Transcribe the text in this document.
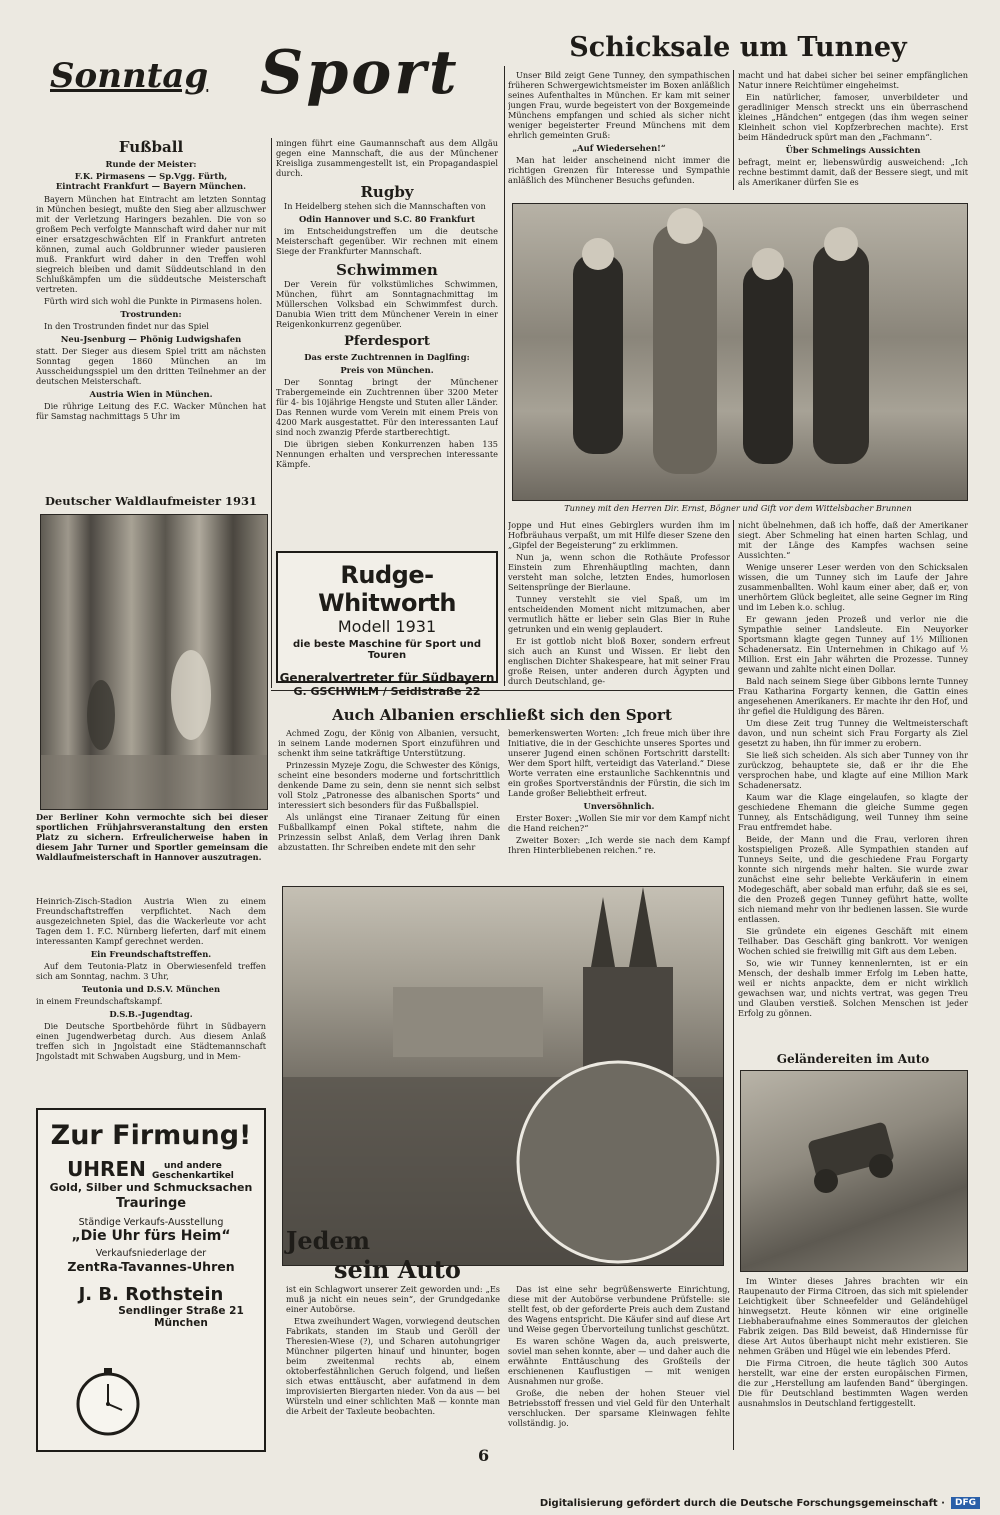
Sonntag Sport
Fußball
Runde der Meister:
F.K. Pirmasens — Sp.Vgg. Fürth,
Eintracht Frankfurt — Bayern München.

Bayern München hat Eintracht am letzten Sonntag in München besiegt, mußte den Sieg aber allzuschwer mit der Verletzung Haringers bezahlen. Die von so großem Pech verfolgte Mannschaft wird daher nur mit einer ersatzgeschwächten Elf in Frankfurt antreten können, zumal auch Goldbrunner wieder pausieren muß. Frankfurt wird daher in den Treffen wohl siegreich bleiben und damit Süddeutschland in den Schlußkämpfen um die süddeutsche Meisterschaft vertreten.

Fürth wird sich wohl die Punkte in Pirmasens holen.

Trostrunden:

In den Trostrunden findet nur das Spiel

Neu-Jsenburg — Phönig Ludwigshafen

statt. Der Sieger aus diesem Spiel tritt am nächsten Sonntag gegen 1860 München an im Ausscheidungsspiel um den dritten Teilnehmer an der deutschen Meisterschaft.

Austria Wien in München.

Die rührige Leitung des F.C. Wacker München hat für Samstag nachmittags 5 Uhr im

Deutscher Waldlaufmeister 1931

Der Berliner Kohn vermochte sich bei dieser sportlichen Frühjahrsveranstaltung den ersten Platz zu sichern. Erfreulicherweise haben in diesem Jahr Turner und Sportler gemeinsam die Waldlaufmeisterschaft in Hannover auszutragen.

Heinrich-Zisch-Stadion Austria Wien zu einem Freundschaftstreffen verpflichtet. Nach dem ausgezeichneten Spiel, das die Wackerleute vor acht Tagen dem 1. F.C. Nürnberg lieferten, darf mit einem interessanten Kampf gerechnet werden.

Ein Freundschaftstreffen.

Auf dem Teutonia-Platz in Oberwiesenfeld treffen sich am Sonntag, nachm. 3 Uhr,

Teutonia und D.S.V. München

in einem Freundschaftskampf.

D.S.B.-Jugendtag.

Die Deutsche Sportbehörde führt in Südbayern einen Jugendwerbetag durch. Aus diesem Anlaß treffen sich in Jngolstadt eine Städtemannschaft Jngolstadt mit Schwaben Augsburg, und in Mem-

Zur Firmung!
UHREN und andere Geschenkartikel
Gold, Silber und Schmucksachen
Trauringe
Ständige Verkaufs-Ausstellung
„Die Uhr fürs Heim“
Verkaufsniederlage der
ZentRa-Tavannes-Uhren
J. B. Rothstein
Sendlinger Straße 21
München

mingen führt eine Gaumannschaft aus dem Allgäu gegen eine Mannschaft, die aus der Münchener Kreisliga zusammengestellt ist, ein Propagandaspiel durch.

Rugby

In Heidelberg stehen sich die Mannschaften von

Odin Hannover und S.C. 80 Frankfurt

im Entscheidungstreffen um die deutsche Meisterschaft gegenüber. Wir rechnen mit einem Siege der Frankfurter Mannschaft.

Schwimmen

Der Verein für volkstümliches Schwimmen, München, führt am Sonntagnachmittag im Müllerschen Volksbad ein Schwimmfest durch. Danubia Wien tritt dem Münchener Verein in einer Reigenkonkurrenz gegenüber.

Pferdesport
Das erste Zuchtrennen in Daglfing:
Preis von München.

Der Sonntag bringt der Münchener Trabergemeinde ein Zuchtrennen über 3200 Meter für 4- bis 10jährige Hengste und Stuten aller Länder. Das Rennen wurde vom Verein mit einem Preis von 4200 Mark ausgestattet. Für den interessanten Lauf sind noch zwanzig Pferde startberechtigt.

Die übrigen sieben Konkurrenzen haben 135 Nennungen erhalten und versprechen interessante Kämpfe.

Rudge-Whitworth
Modell 1931
die beste Maschine für Sport und Touren
Generalvertreter für Südbayern
G. GSCHWILM / Seidlstraße 22
Schicksale um Tunney

Unser Bild zeigt Gene Tunney, den sympathischen früheren Schwergewichtsmeister im Boxen anläßlich seines Aufenthaltes in München. Er kam mit seiner jungen Frau, wurde begeistert von der Boxgemeinde Münchens empfangen und schied als sicher nicht weniger begeisterter Freund Münchens mit dem ehrlich gemeinten Gruß:

„Auf Wiedersehen!“

Man hat leider anscheinend nicht immer die richtigen Grenzen für Interesse und Sympathie anläßlich des Münchener Besuchs gefunden.

macht und hat dabei sicher bei seiner empfänglichen Natur innere Reichtümer eingeheimst.

Ein natürlicher, famoser, unverbildeter und geradliniger Mensch streckt uns ein überraschend kleines „Händchen“ entgegen (das ihm wegen seiner Kleinheit schon viel Kopfzerbrechen machte). Erst beim Händedruck spürt man den „Fachmann“.

Über Schmelings Aussichten

befragt, meint er, liebenswürdig ausweichend: „Ich rechne bestimmt damit, daß der Bessere siegt, und mit als Amerikaner dürfen Sie es

Tunney mit den Herren Dir. Ernst, Bögner und Gift vor dem Wittelsbacher Brunnen

Joppe und Hut eines Gebirglers wurden ihm im Hofbräuhaus verpaßt, um mit Hilfe dieser Szene den „Gipfel der Begeisterung“ zu erklimmen.

Nun ja, wenn schon die Rothäute Professor Einstein zum Ehrenhäuptling machten, dann versteht man solche, letzten Endes, humorlosen Seitensprünge der Bierlaune.

Tunney verstehlt sie viel Spaß, um im entscheidenden Moment nicht mitzumachen, aber vermutlich hätte er lieber sein Glas Bier in Ruhe getrunken und ein wenig geplaudert.

Er ist gottlob nicht bloß Boxer, sondern erfreut sich auch an Kunst und Wissen. Er liebt den englischen Dichter Shakespeare, hat mit seiner Frau große Reisen, unter anderen durch Ägypten und durch Deutschland, ge-

nicht übelnehmen, daß ich hoffe, daß der Amerikaner siegt. Aber Schmeling hat einen harten Schlag, und mit der Länge des Kampfes wachsen seine Aussichten.“

Wenige unserer Leser werden von den Schicksalen wissen, die um Tunney sich im Laufe der Jahre zusammenballten. Wohl kaum einer aber, daß er, von unerhörtem Glück begleitet, alle seine Gegner im Ring und im Leben k.o. schlug.

Er gewann jeden Prozeß und verlor nie die Sympathie seiner Landsleute. Ein Neuyorker Sportsmann klagte gegen Tunney auf 1½ Millionen Schadenersatz. Ein Unternehmen in Chikago auf ½ Million. Erst ein Jahr währten die Prozesse. Tunney gewann und zahlte nicht einen Dollar.

Bald nach seinem Siege über Gibbons lernte Tunney Frau Katharina Forgarty kennen, die Gattin eines angesehenen Amerikaners. Er machte ihr den Hof, und ihr gefiel die Huldigung des Bären.

Um diese Zeit trug Tunney die Weltmeisterschaft davon, und nun scheint sich Frau Forgarty als Ziel gesetzt zu haben, ihn für immer zu erobern.

Sie ließ sich scheiden. Als sich aber Tunney von ihr zurückzog, behauptete sie, daß er ihr die Ehe versprochen habe, und klagte auf eine Million Mark Schadenersatz.

Kaum war die Klage eingelaufen, so klagte der geschiedene Ehemann die gleiche Summe gegen Tunney, als Entschädigung, weil Tunney ihm seine Frau entfremdet habe.

Beide, der Mann und die Frau, verloren ihren kostspieligen Prozeß. Alle Sympathien standen auf Tunneys Seite, und die geschiedene Frau Forgarty konnte sich nirgends mehr halten. Sie wurde zwar zunächst eine sehr beliebte Verkäuferin in einem Modegeschäft, aber sobald man erfuhr, daß sie es sei, die den Prozeß gegen Tunney geführt hatte, wollte sich niemand mehr von ihr bedienen lassen. Sie wurde entlassen.

Sie gründete ein eigenes Geschäft mit einem Teilhaber. Das Geschäft ging bankrott. Vor wenigen Wochen schied sie freiwillig mit Gift aus dem Leben.

So, wie wir Tunney kennenlernten, ist er ein Mensch, der deshalb immer Erfolg im Leben hatte, weil er nichts anpackte, dem er nicht wirklich gewachsen war, und nichts vertrat, was gegen Treu und Glauben verstieß. Solchen Menschen ist jeder Erfolg zu gönnen.

Auch Albanien erschließt sich den Sport

Achmed Zogu, der König von Albanien, versucht, in seinem Lande modernen Sport einzuführen und schenkt ihm seine tatkräftige Unterstützung.

Prinzessin Myzeje Zogu, die Schwester des Königs, scheint eine besonders moderne und fortschrittlich denkende Dame zu sein, denn sie nennt sich selbst voll Stolz „Patronesse des albanischen Sports“ und interessiert sich besonders für das Fußballspiel.

Als unlängst eine Tiranaer Zeitung für einen Fußballkampf einen Pokal stiftete, nahm die Prinzessin selbst Anlaß, dem Verlag ihren Dank abzustatten. Ihr Schreiben endete mit den sehr

bemerkenswerten Worten: „Ich freue mich über ihre Initiative, die in der Geschichte unseres Sportes und unserer Jugend einen schönen Fortschritt darstellt: Wer dem Sport hilft, verteidigt das Vaterland.“ Diese Worte verraten eine erstaunliche Sachkenntnis und ein großes Sportverständnis der Fürstin, die sich im Lande großer Beliebtheit erfreut.

Unversöhnlich.

Erster Boxer: „Wollen Sie mir vor dem Kampf nicht die Hand reichen?“

Zweiter Boxer: „Ich werde sie nach dem Kampf Ihren Hinterbliebenen reichen.“ re.

Jedem
sein Auto

ist ein Schlagwort unserer Zeit geworden und: „Es muß ja nicht ein neues sein“, der Grundgedanke einer Autobörse.

Etwa zweihundert Wagen, vorwiegend deutschen Fabrikats, standen im Staub und Geröll der Theresien-Wiese (?), und Scharen autohungriger Münchner pilgerten hinauf und hinunter, bogen beim zweitenmal rechts ab, einem oktoberfestähnlichen Geruch folgend, und ließen sich etwas enttäuscht, aber aufatmend in dem improvisierten Biergarten nieder. Von da aus — bei Würsteln und einer schlichten Maß — konnte man die Arbeit der Taxleute beobachten.

Das ist eine sehr begrüßenswerte Einrichtung, diese mit der Autobörse verbundene Prüfstelle: sie stellt fest, ob der geforderte Preis auch dem Zustand des Wagens entspricht. Die Käufer sind auf diese Art und Weise gegen Übervorteilung tunlichst geschützt.

Es waren schöne Wagen da, auch preiswerte, soviel man sehen konnte, aber — und daher auch die erwähnte Enttäuschung des Großteils der erschienenen Kauflustigen — mit wenigen Ausnahmen nur große.

Große, die neben der hohen Steuer viel Betriebsstoff fressen und viel Geld für den Unterhalt verschlucken. Der sparsame Kleinwagen fehlte vollständig. jo.

Geländereiten im Auto

Im Winter dieses Jahres brachten wir ein Raupenauto der Firma Citroen, das sich mit spielender Leichtigkeit über Schneefelder und Geländehügel hinwegsetzt. Heute können wir eine originelle Liebhaberaufnahme eines Sommerautos der gleichen Fabrik zeigen. Das Bild beweist, daß Hindernisse für diese Art Autos überhaupt nicht mehr existieren. Sie nehmen Gräben und Hügel wie ein lebendes Pferd.

Die Firma Citroen, die heute täglich 300 Autos herstellt, war eine der ersten europäischen Firmen, die zur „Herstellung am laufenden Band“ übergingen. Die für Deutschland bestimmten Wagen werden ausnahmslos in Deutschland fertiggestellt.

6
Digitalisierung gefördert durch die Deutsche Forschungsgemeinschaft ·	DFG
